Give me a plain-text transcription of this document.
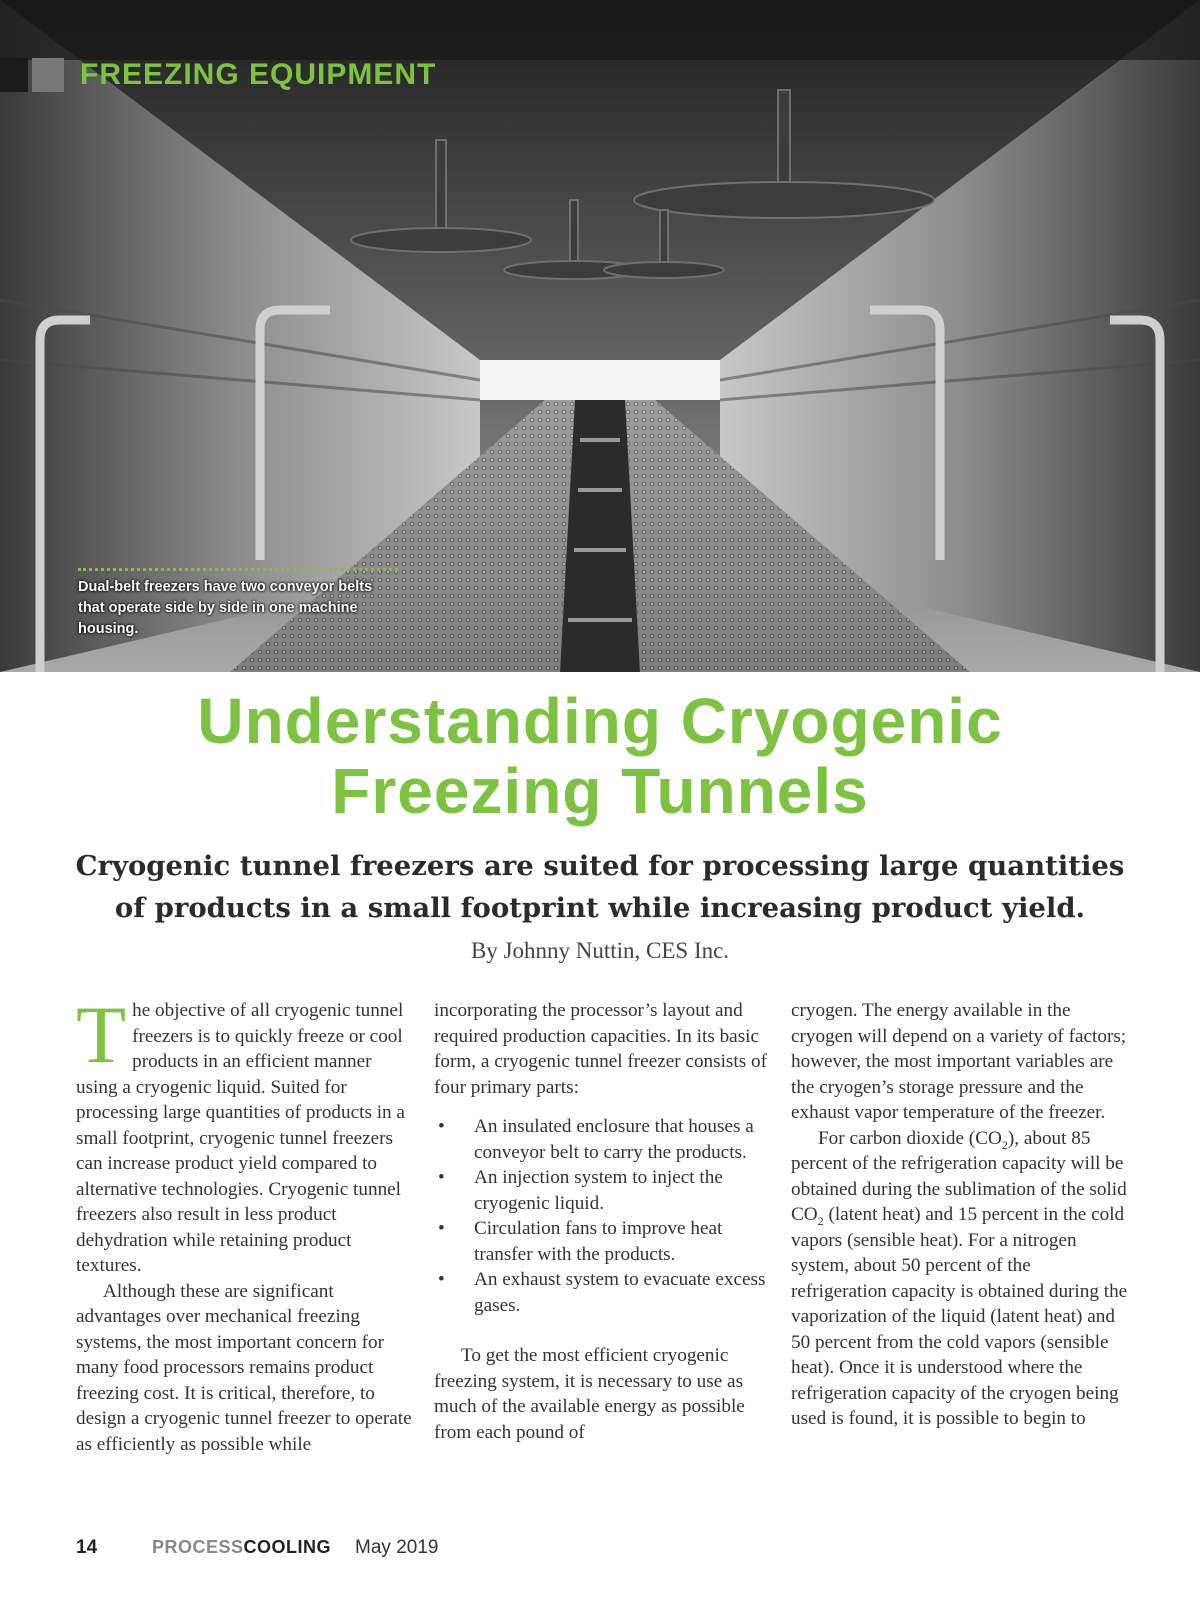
FREEZING EQUIPMENT
Dual-belt freezers have two conveyor belts that operate side by side in one machine housing.
Understanding Cryogenic
Freezing Tunnels
Cryogenic tunnel freezers are suited for processing large quantities
of products in a small footprint while increasing product yield.
By Johnny Nuttin, CES Inc.

The objective of all cryogenic tunnel freezers is to quickly freeze or cool products in an efficient manner using a cryogenic liquid. Suited for processing large quantities of products in a small footprint, cryogenic tunnel freezers can increase product yield compared to alternative technologies. Cryogenic tunnel freezers also result in less product dehydration while retaining product textures.

Although these are significant advantages over mechanical freezing systems, the most important concern for many food processors remains product freezing cost. It is critical, therefore, to design a cryogenic tunnel freezer to operate as efficiently as possible while

incorporating the processor’s layout and required production capacities. In its basic form, a cryogenic tunnel freezer consists of four primary parts:

• An insulated enclosure that houses a conveyor belt to carry the products.
• An injection system to inject the cryogenic liquid.
• Circulation fans to improve heat transfer with the products.
• An exhaust system to evacuate excess gases.

To get the most efficient cryogenic freezing system, it is necessary to use as much of the available energy as possible from each pound of

cryogen. The energy available in the cryogen will depend on a variety of factors; however, the most important variables are the cryogen’s storage pressure and the exhaust vapor temperature of the freezer.

For carbon dioxide $(CO_2)$, about 85 percent of the refrigeration capacity will be obtained during the sublimation of the solid $CO_2$ (latent heat) and 15 percent in the cold vapors (sensible heat). For a nitrogen system, about 50 percent of the refrigeration capacity is obtained during the vaporization of the liquid (latent heat) and 50 percent from the cold vapors (sensible heat). Once it is understood where the refrigeration capacity of the cryogen being used is found, it is possible to begin to

14	PROCESS COOLING May 2019
